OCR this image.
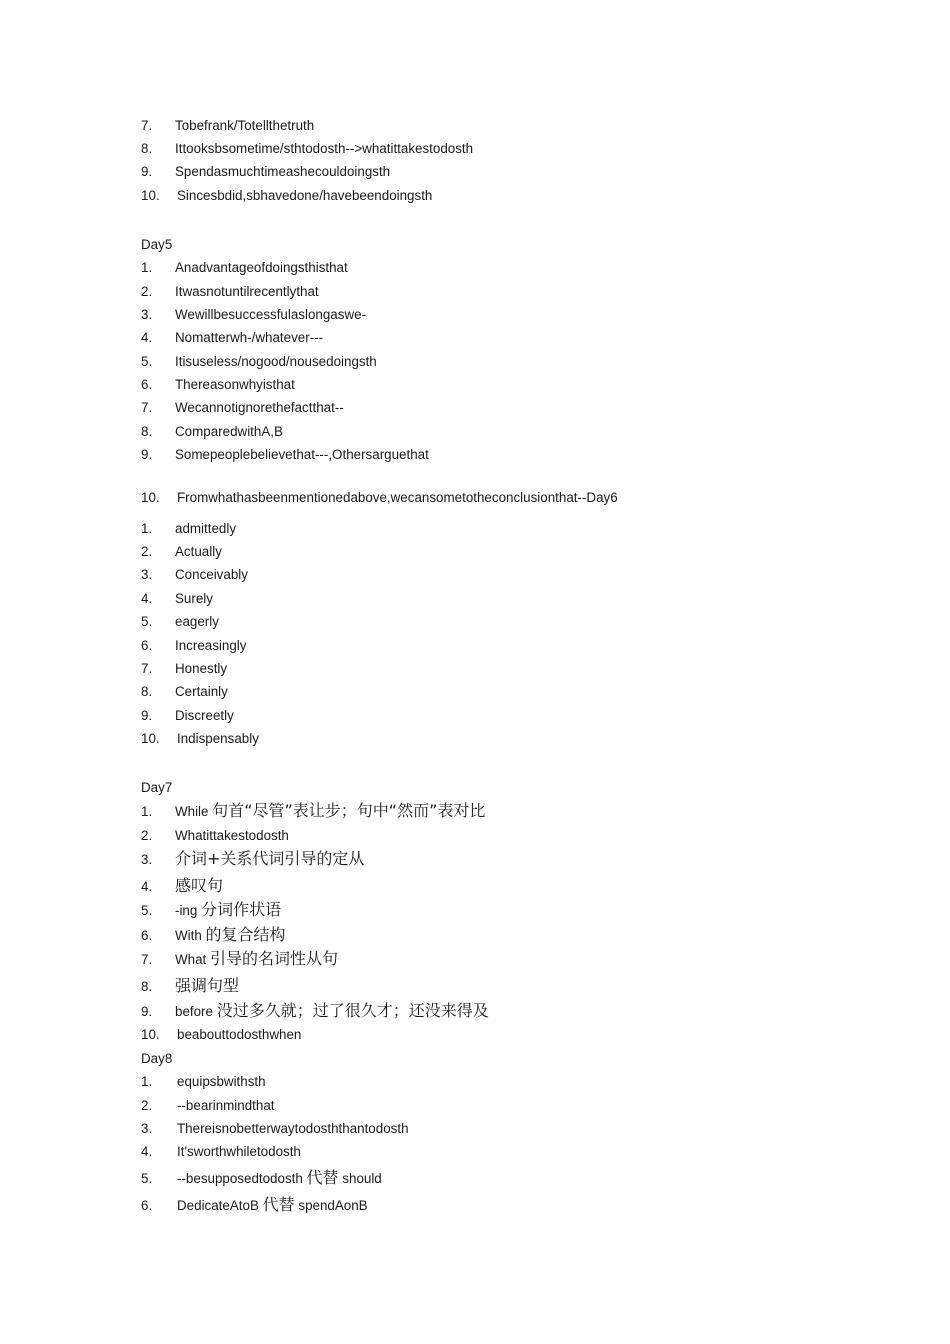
7. Tobefrank/Totellthetruth
8. Ittooksbsometime/sthtodosth-->whatittakestodosth
9. Spendasmuchtimeashecouldoingsth
10. Sincesbdid,sbhavedone/havebeendoingsth
Day5
1. Anadvantageofdoingsthisthat
2. Itwasnotuntilrecentlythat
3. Wewillbesuccessfulaslongaswe-
4. Nomatterwh-/whatever---
5. Itisuseless/nogood/nousedoingsth
6. Thereasonwhyisthat
7. Wecannotignorethefactthat--
8. ComparedwithA,B
9. Somepeoplebelievethat---,Othersarguethat
10. Fromwhathasbeenmentionedabove,wecansometotheconclusionthat--Day6
1. admittedly
2. Actually
3. Conceivably
4. Surely
5. eagerly
6. Increasingly
7. Honestly
8. Certainly
9. Discreetly
10. Indispensably
Day7
1. While 句首“尽管”表让步；句中“然而”表对比
2. Whatittakestodosth
3. 介词+关系代词引导的定从
4. 感叹句
5. -ing 分词作状语
6. With 的复合结构
7. What 引导的名词性从句
8. 强调句型
9. before 没过多久就；过了很久才；还没来得及
10. beabouttodosthwhen
Day8
1. equipsbwithsth
2. --bearinmindthat
3. Thereisnobetterwaytodosththantodosth
4. It'sworthwhiletodosth
5. --besupposedtodosth 代替 should
6. DedicateAtoB 代替 spendAonB
